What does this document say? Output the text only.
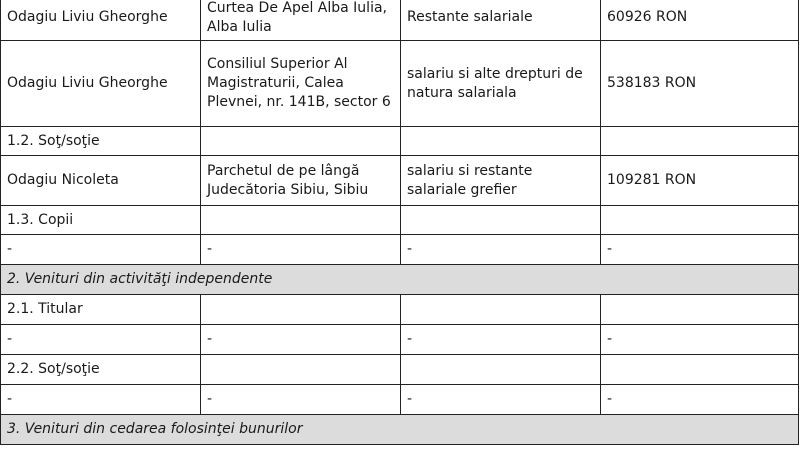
Odagiu Liviu Gheorghe	Curtea De Apel Alba Iulia, Alba Iulia	Restante salariale	60926 RON
Odagiu Liviu Gheorghe	Consiliul Superior Al Magistraturii, Calea Plevnei, nr. 141B, sector 6	salariu si alte drepturi de natura salariala	538183 RON
1.2. Soţ/soţie			
Odagiu Nicoleta	Parchetul de pe lângă Judecătoria Sibiu, Sibiu	salariu si restante salariale grefier	109281 RON
1.3. Copii			
-	-	-	-
2. Venituri din activităţi independente			
2.1. Titular			
-	-	-	-
2.2. Soţ/soţie			
-	-	-	-
3. Venituri din cedarea folosinţei bunurilor			
